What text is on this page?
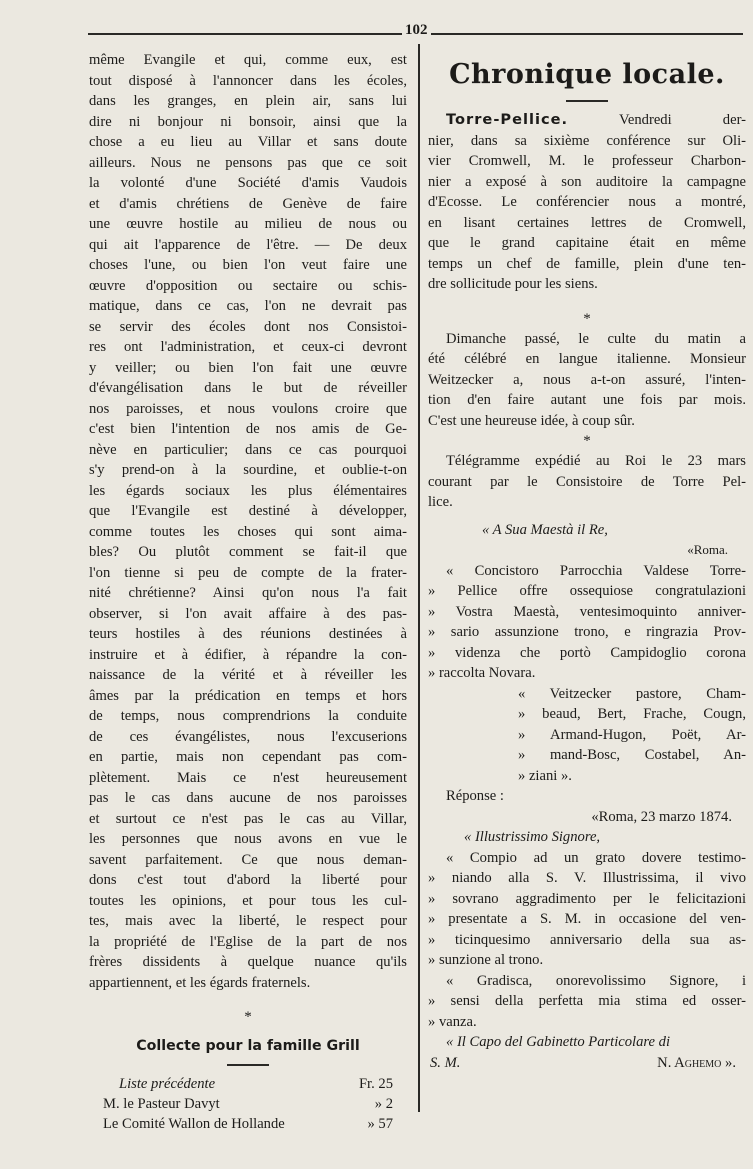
102
même Evangile et qui, comme eux, est
tout disposé à l'annoncer dans les écoles,
dans les granges, en plein air, sans lui
dire ni bonjour ni bonsoir, ainsi que la
chose a eu lieu au Villar et sans doute
ailleurs. Nous ne pensons pas que ce soit
la volonté d'une Société d'amis Vaudois
et d'amis chrétiens de Genève de faire
une œuvre hostile au milieu de nous ou
qui ait l'apparence de l'être. — De deux
choses l'une, ou bien l'on veut faire une
œuvre d'opposition ou sectaire ou schis-
matique, dans ce cas, l'on ne devrait pas
se servir des écoles dont nos Consistoi-
res ont l'administration, et ceux-ci devront
y veiller; ou bien l'on fait une œuvre
d'évangélisation dans le but de réveiller
nos paroisses, et nous voulons croire que
c'est bien l'intention de nos amis de Ge-
nève en particulier; dans ce cas pourquoi
s'y prend-on à la sourdine, et oublie-t-on
les égards sociaux les plus élémentaires
que l'Evangile est destiné à développer,
comme toutes les choses qui sont aima-
bles? Ou plutôt comment se fait-il que
l'on tienne si peu de compte de la frater-
nité chrétienne? Ainsi qu'on nous l'a fait
observer, si l'on avait affaire à des pas-
teurs hostiles à des réunions destinées à
instruire et à édifier, à répandre la con-
naissance de la vérité et à réveiller les
âmes par la prédication en temps et hors
de temps, nous comprendrions la conduite
de ces évangélistes, nous l'excuserions
en partie, mais non cependant pas com-
plètement. Mais ce n'est heureusement
pas le cas dans aucune de nos paroisses
et surtout ce n'est pas le cas au Villar,
les personnes que nous avons en vue le
savent parfaitement. Ce que nous deman-
dons c'est tout d'abord la liberté pour
toutes les opinions, et pour tous les cul-
tes, mais avec la liberté, le respect pour
la propriété de l'Eglise de la part de nos
frères dissidents à quelque nuance qu'ils
appartiennent, et les égards fraternels.
*
Collecte pour la famille Grill
Liste précédente	Fr. 25
M. le Pasteur Davyt	» 2
Le Comité Wallon de Hollande	» 57
Chronique locale.
Torre-Pellice. Vendredi der-
nier, dans sa sixième conférence sur Oli-
vier Cromwell, M. le professeur Charbon-
nier a exposé à son auditoire la campagne
d'Ecosse. Le conférencier nous a montré,
en lisant certaines lettres de Cromwell,
que le grand capitaine était en même
temps un chef de famille, plein d'une ten-
dre sollicitude pour les siens.
*
Dimanche passé, le culte du matin a
été célébré en langue italienne. Monsieur
Weitzecker a, nous a-t-on assuré, l'inten-
tion d'en faire autant une fois par mois.
C'est une heureuse idée, à coup sûr.
*
Télégramme expédié au Roi le 23 mars
courant par le Consistoire de Torre Pel-
lice.
« A Sua Maestà il Re,
«Roma.
« Concistoro Parrocchia Valdese Torre-
» Pellice offre ossequiose congratulazioni
» Vostra Maestà, ventesimoquinto anniver-
» sario assunzione trono, e ringrazia Prov-
» videnza che portò Campidoglio corona
» raccolta Novara.
« Veitzecker pastore, Cham-
» beaud, Bert, Frache, Cougn,
» Armand-Hugon, Poët, Ar-
» mand-Bosc, Costabel, An-
» ziani ».
Réponse :
«Roma, 23 marzo 1874.
« Illustrissimo Signore,
« Compio ad un grato dovere testimo-
» niando alla S. V. Illustrissima, il vivo
» sovrano aggradimento per le felicitazioni
» presentate a S. M. in occasione del ven-
» ticinquesimo anniversario della sua as-
» sunzione al trono.
« Gradisca, onorevolissimo Signore, i
» sensi della perfetta mia stima ed osser-
» vanza.
« Il Capo del Gabinetto Particolare di
S. M.	N. Aghemo ».
